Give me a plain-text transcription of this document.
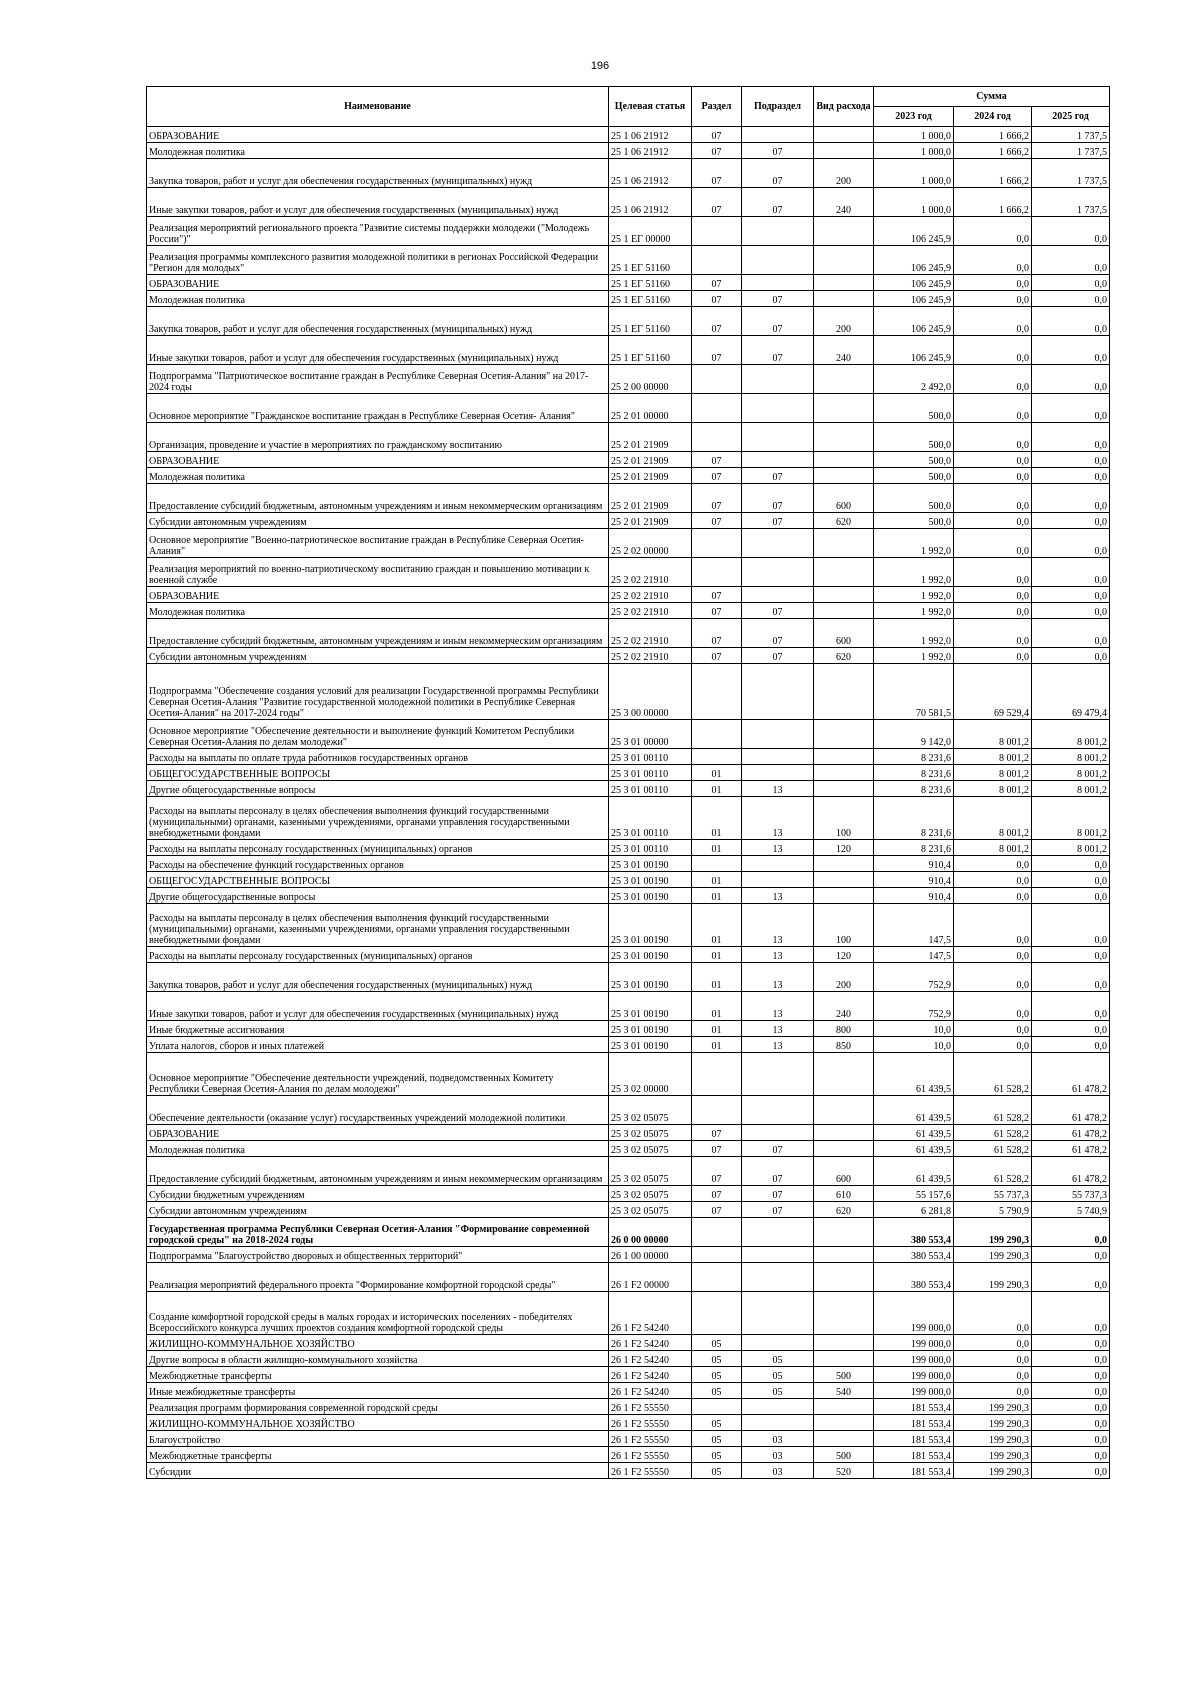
196
Наименование	Целевая статья	Раздел	Подраздел	Вид расхода	Сумма		
					2023 год	2024 год	2025 год
ОБРАЗОВАНИЕ	25 1 06 21912	07			1 000,0	1 666,2	1 737,5
Молодежная политика	25 1 06 21912	07	07		1 000,0	1 666,2	1 737,5
Закупка товаров, работ и услуг для обеспечения государственных (муниципальных) нужд	25 1 06 21912	07	07	200	1 000,0	1 666,2	1 737,5
Иные закупки товаров, работ и услуг для обеспечения государственных (муниципальных) нужд	25 1 06 21912	07	07	240	1 000,0	1 666,2	1 737,5
Реализация мероприятий регионального проекта "Развитие системы поддержки молодежи ("Молодежь России")"	25 1 ЕГ 00000				106 245,9	0,0	0,0
Реализация программы комплексного развития молодежной политики в регионах Российской Федерации "Регион для молодых"	25 1 ЕГ 51160				106 245,9	0,0	0,0
ОБРАЗОВАНИЕ	25 1 ЕГ 51160	07			106 245,9	0,0	0,0
Молодежная политика	25 1 ЕГ 51160	07	07		106 245,9	0,0	0,0
Закупка товаров, работ и услуг для обеспечения государственных (муниципальных) нужд	25 1 ЕГ 51160	07	07	200	106 245,9	0,0	0,0
Иные закупки товаров, работ и услуг для обеспечения государственных (муниципальных) нужд	25 1 ЕГ 51160	07	07	240	106 245,9	0,0	0,0
Подпрограмма "Патриотическое воспитание граждан в Республике Северная Осетия-Алания" на 2017-2024 годы	25 2 00 00000				2 492,0	0,0	0,0
Основное мероприятие "Гражданское воспитание граждан в Республике Северная Осетия- Алания"	25 2 01 00000				500,0	0,0	0,0
Организация, проведение и участие в мероприятиях по гражданскому воспитанию	25 2 01 21909				500,0	0,0	0,0
ОБРАЗОВАНИЕ	25 2 01 21909	07			500,0	0,0	0,0
Молодежная политика	25 2 01 21909	07	07		500,0	0,0	0,0
Предоставление субсидий бюджетным, автономным учреждениям и иным некоммерческим организациям	25 2 01 21909	07	07	600	500,0	0,0	0,0
Субсидии автономным учреждениям	25 2 01 21909	07	07	620	500,0	0,0	0,0
Основное мероприятие "Военно-патриотическое воспитание граждан в Республике Северная Осетия- Алания"	25 2 02 00000				1 992,0	0,0	0,0
Реализация мероприятий по военно-патриотическому воспитанию граждан и повышению мотивации к военной службе	25 2 02 21910				1 992,0	0,0	0,0
ОБРАЗОВАНИЕ	25 2 02 21910	07			1 992,0	0,0	0,0
Молодежная политика	25 2 02 21910	07	07		1 992,0	0,0	0,0
Предоставление субсидий бюджетным, автономным учреждениям и иным некоммерческим организациям	25 2 02 21910	07	07	600	1 992,0	0,0	0,0
Субсидии автономным учреждениям	25 2 02 21910	07	07	620	1 992,0	0,0	0,0
Подпрограмма "Обеспечение создания условий для реализации Государственной программы Республики Северная Осетия-Алания "Развитие государственной молодежной политики в Республике Северная Осетия-Алания" на 2017-2024 годы"	25 3 00 00000				70 581,5	69 529,4	69 479,4
Основное мероприятие "Обеспечение деятельности и выполнение функций Комитетом Республики Северная Осетия-Алания по делам молодежи"	25 3 01 00000				9 142,0	8 001,2	8 001,2
Расходы на выплаты по оплате труда работников государственных органов	25 3 01 00110				8 231,6	8 001,2	8 001,2
ОБЩЕГОСУДАРСТВЕННЫЕ ВОПРОСЫ	25 3 01 00110	01			8 231,6	8 001,2	8 001,2
Другие общегосударственные вопросы	25 3 01 00110	01	13		8 231,6	8 001,2	8 001,2
Расходы на выплаты персоналу в целях обеспечения выполнения функций государственными (муниципальными) органами, казенными учреждениями, органами управления государственными внебюджетными фондами	25 3 01 00110	01	13	100	8 231,6	8 001,2	8 001,2
Расходы на выплаты персоналу государственных (муниципальных) органов	25 3 01 00110	01	13	120	8 231,6	8 001,2	8 001,2
Расходы на обеспечение функций государственных органов	25 3 01 00190				910,4	0,0	0,0
ОБЩЕГОСУДАРСТВЕННЫЕ ВОПРОСЫ	25 3 01 00190	01			910,4	0,0	0,0
Другие общегосударственные вопросы	25 3 01 00190	01	13		910,4	0,0	0,0
Расходы на выплаты персоналу в целях обеспечения выполнения функций государственными (муниципальными) органами, казенными учреждениями, органами управления государственными внебюджетными фондами	25 3 01 00190	01	13	100	147,5	0,0	0,0
Расходы на выплаты персоналу государственных (муниципальных) органов	25 3 01 00190	01	13	120	147,5	0,0	0,0
Закупка товаров, работ и услуг для обеспечения государственных (муниципальных) нужд	25 3 01 00190	01	13	200	752,9	0,0	0,0
Иные закупки товаров, работ и услуг для обеспечения государственных (муниципальных) нужд	25 3 01 00190	01	13	240	752,9	0,0	0,0
Иные бюджетные ассигнования	25 3 01 00190	01	13	800	10,0	0,0	0,0
Уплата налогов, сборов и иных платежей	25 3 01 00190	01	13	850	10,0	0,0	0,0
Основное мероприятие "Обеспечение деятельности учреждений, подведомственных Комитету Республики Северная Осетия-Алания по делам молодежи"	25 3 02 00000				61 439,5	61 528,2	61 478,2
Обеспечение деятельности (оказание услуг) государственных учреждений молодежной политики	25 3 02 05075				61 439,5	61 528,2	61 478,2
ОБРАЗОВАНИЕ	25 3 02 05075	07			61 439,5	61 528,2	61 478,2
Молодежная политика	25 3 02 05075	07	07		61 439,5	61 528,2	61 478,2
Предоставление субсидий бюджетным, автономным учреждениям и иным некоммерческим организациям	25 3 02 05075	07	07	600	61 439,5	61 528,2	61 478,2
Субсидии бюджетным учреждениям	25 3 02 05075	07	07	610	55 157,6	55 737,3	55 737,3
Субсидии автономным учреждениям	25 3 02 05075	07	07	620	6 281,8	5 790,9	5 740,9
Государственная программа Республики Северная Осетия-Алания "Формирование современной городской среды" на 2018-2024 годы	26 0 00 00000				380 553,4	199 290,3	0,0
Подпрограмма "Благоустройство дворовых и общественных территорий"	26 1 00 00000				380 553,4	199 290,3	0,0
Реализация мероприятий федерального проекта "Формирование комфортной городской среды"	26 1 F2 00000				380 553,4	199 290,3	0,0
Создание комфортной городской среды в малых городах и исторических поселениях - победителях Всероссийского конкурса лучших проектов создания комфортной городской среды	26 1 F2 54240				199 000,0	0,0	0,0
ЖИЛИЩНО-КОММУНАЛЬНОЕ ХОЗЯЙСТВО	26 1 F2 54240	05			199 000,0	0,0	0,0
Другие вопросы в области жилищно-коммунального хозяйства	26 1 F2 54240	05	05		199 000,0	0,0	0,0
Межбюджетные трансферты	26 1 F2 54240	05	05	500	199 000,0	0,0	0,0
Иные межбюджетные трансферты	26 1 F2 54240	05	05	540	199 000,0	0,0	0,0
Реализация программ формирования современной городской среды	26 1 F2 55550				181 553,4	199 290,3	0,0
ЖИЛИЩНО-КОММУНАЛЬНОЕ ХОЗЯЙСТВО	26 1 F2 55550	05			181 553,4	199 290,3	0,0
Благоустройство	26 1 F2 55550	05	03		181 553,4	199 290,3	0,0
Межбюджетные трансферты	26 1 F2 55550	05	03	500	181 553,4	199 290,3	0,0
Субсидии	26 1 F2 55550	05	03	520	181 553,4	199 290,3	0,0
